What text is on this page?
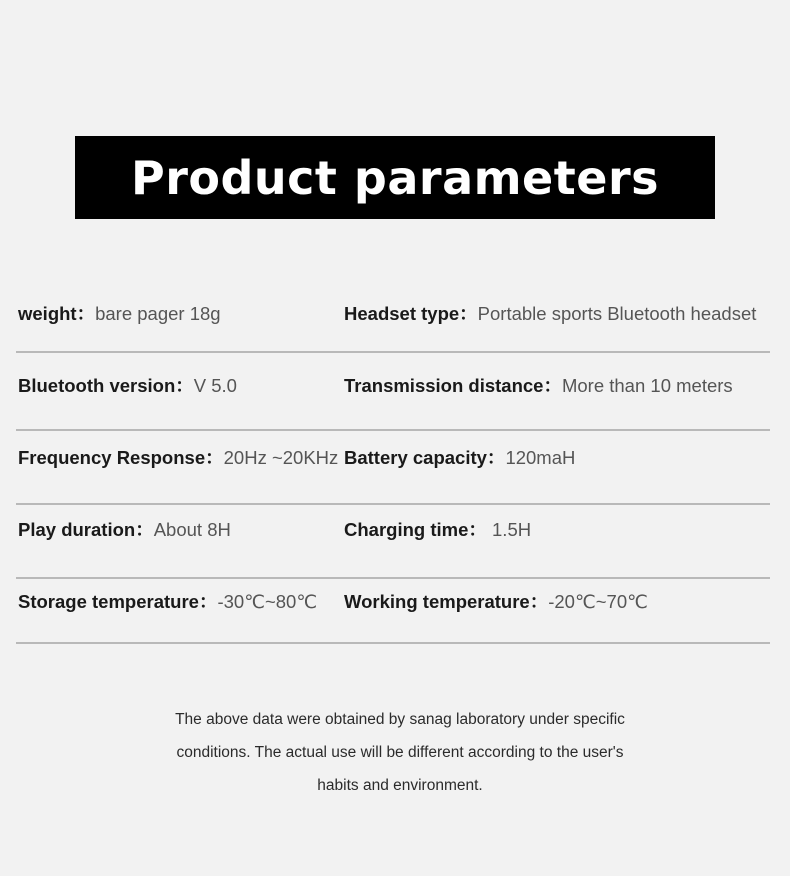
Product parameters
weight：bare pager 18g	Headset type：Portable sports Bluetooth headset
Bluetooth version：V 5.0	Transmission distance：More than 10 meters
Frequency Response：20Hz ~20KHz Battery capacity：120maH
Play duration：About 8H	Charging time： 1.5H
Storage temperature：-30℃~80℃ Working temperature：-20℃~70℃
The above data were obtained by sanag laboratory under specific
conditions. The actual use will be different according to the user's
habits and environment.
